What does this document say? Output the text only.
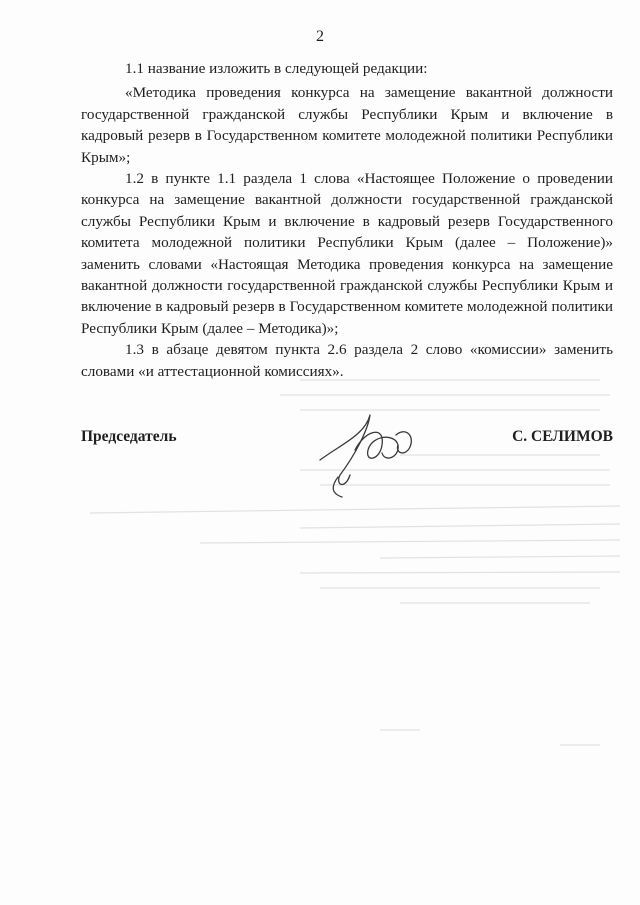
2

1.1 название изложить в следующей редакции:

«Методика проведения конкурса на замещение вакантной должности государственной гражданской службы Республики Крым и включение в кадровый резерв в Государственном комитете молодежной политики Республики Крым»;

1.2 в пункте 1.1 раздела 1 слова «Настоящее Положение о проведении конкурса на замещение вакантной должности государственной гражданской службы Республики Крым и включение в кадровый резерв Государственного комитета молодежной политики Республики Крым (далее – Положение)» заменить словами «Настоящая Методика проведения конкурса на замещение вакантной должности государственной гражданской службы Республики Крым и включение в кадровый резерв в Государственном комитете молодежной политики Республики Крым (далее – Методика)»;

1.3 в абзаце девятом пункта 2.6 раздела 2 слово «комиссии» заменить словами «и аттестационной комиссиях».

Председатель	С. СЕЛИМОВ
